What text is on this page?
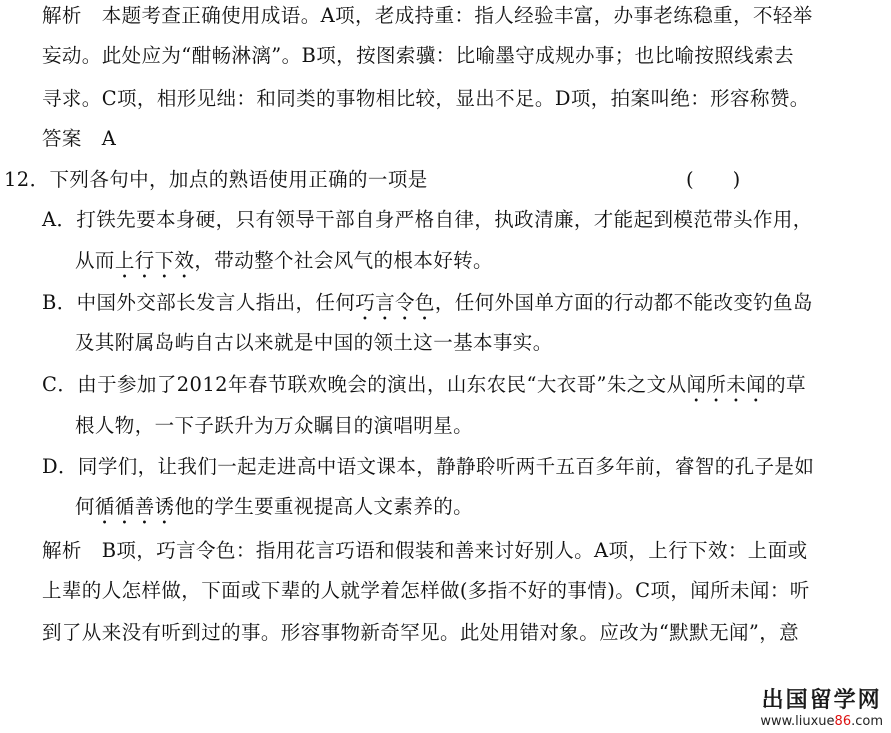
解析　本题考查正确使用成语。A项，老成持重：指人经验丰富，办事老练稳重，不轻举
妄动。此处应为“酣畅淋漓”。B项，按图索骥：比喻墨守成规办事；也比喻按照线索去
寻求。C项，相形见绌：和同类的事物相比较，显出不足。D项，拍案叫绝：形容称赞。
答案　A
12．下列各句中，加点的熟语使用正确的一项是	(　　)
A．打铁先要本身硬，只有领导干部自身严格自律，执政清廉，才能起到模范带头作用，
从而上行下效，带动整个社会风气的根本好转。
B．中国外交部长发言人指出，任何巧言令色，任何外国单方面的行动都不能改变钓鱼岛
及其附属岛屿自古以来就是中国的领土这一基本事实。
C．由于参加了2012年春节联欢晚会的演出，山东农民“大衣哥”朱之文从闻所未闻的草
根人物，一下子跃升为万众瞩目的演唱明星。
D．同学们，让我们一起走进高中语文课本，静静聆听两千五百多年前，睿智的孔子是如
何循循善诱他的学生要重视提高人文素养的。
解析　B项，巧言令色：指用花言巧语和假装和善来讨好别人。A项，上行下效：上面或
上辈的人怎样做，下面或下辈的人就学着怎样做(多指不好的事情)。C项，闻所未闻：听
到了从来没有听到过的事。形容事物新奇罕见。此处用错对象。应改为“默默无闻”，意
出国留学网
www.liuxue86.com
